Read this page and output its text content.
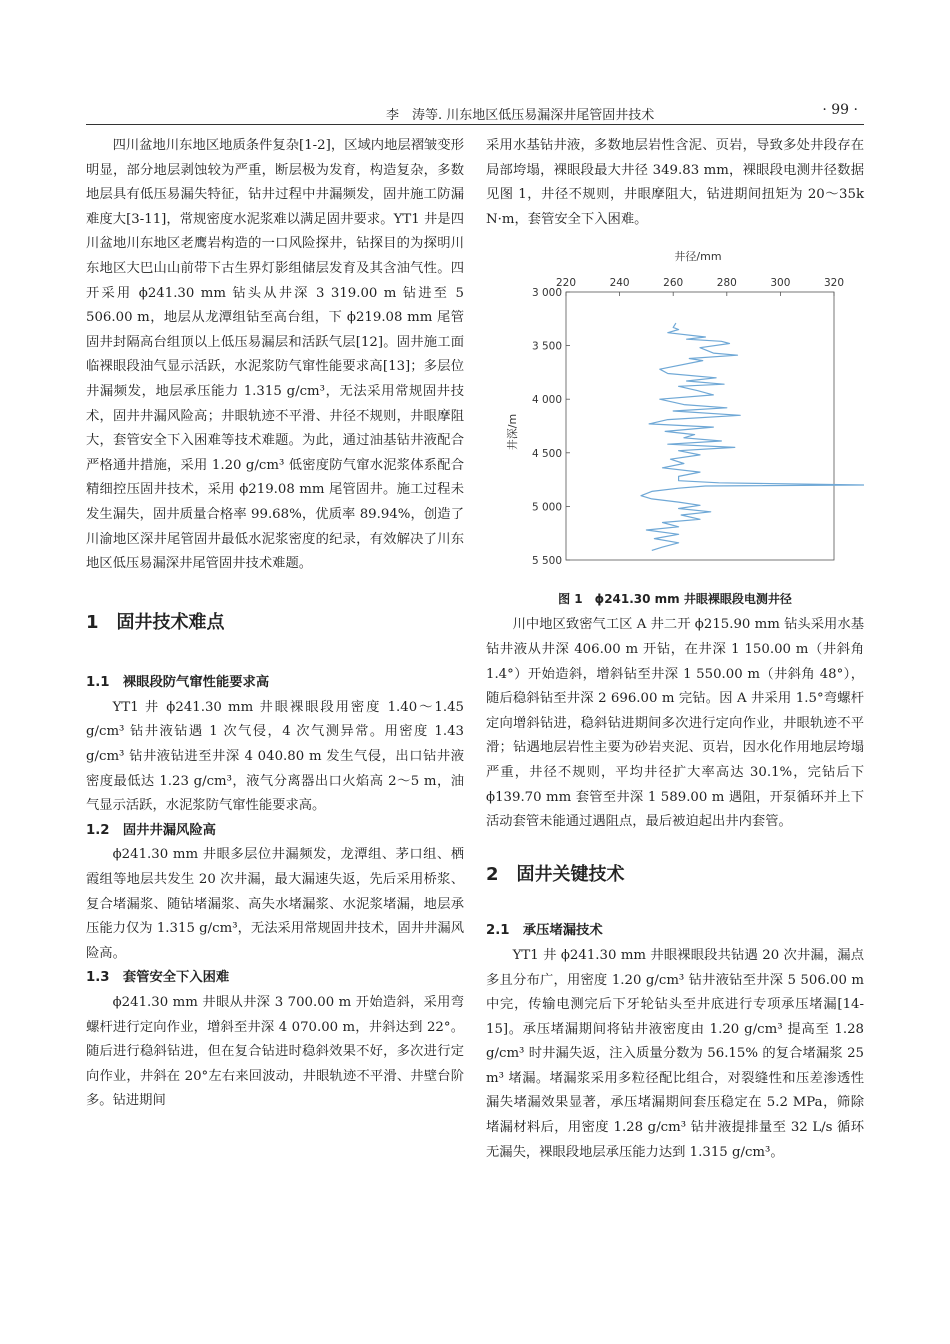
李　涛等. 川东地区低压易漏深井尾管固井技术	· 99 ·

四川盆地川东地区地质条件复杂[1-2]，区域内地层褶皱变形明显，部分地层剥蚀较为严重，断层极为发育，构造复杂，多数地层具有低压易漏失特征，钻井过程中井漏频发，固井施工防漏难度大[3-11]，常规密度水泥浆难以满足固井要求。YT1 井是四川盆地川东地区老鹰岩构造的一口风险探井，钻探目的为探明川东地区大巴山山前带下古生界灯影组储层发育及其含油气性。四开采用 ϕ241.30 mm 钻头从井深 3 319.00 m 钻进至 5 506.00 m，地层从龙潭组钻至高台组，下 ϕ219.08 mm 尾管固井封隔高台组顶以上低压易漏层和活跃气层[12]。固井施工面临裸眼段油气显示活跃，水泥浆防气窜性能要求高[13]；多层位井漏频发，地层承压能力 1.315 g/cm³，无法采用常规固井技术，固井井漏风险高；井眼轨迹不平滑、井径不规则，井眼摩阻大，套管安全下入困难等技术难题。为此，通过油基钻井液配合严格通井措施，采用 1.20 g/cm³ 低密度防气窜水泥浆体系配合精细控压固井技术，采用 ϕ219.08 mm 尾管固井。施工过程未发生漏失，固井质量合格率 99.68%，优质率 89.94%，创造了川渝地区深井尾管固井最低水泥浆密度的纪录，有效解决了川东地区低压易漏深井尾管固井技术难题。

1　固井技术难点
1.1　裸眼段防气窜性能要求高

YT1 井 ϕ241.30 mm 井眼裸眼段用密度 1.40～1.45 g/cm³ 钻井液钻遇 1 次气侵，4 次气测异常。用密度 1.43 g/cm³ 钻井液钻进至井深 4 040.80 m 发生气侵，出口钻井液密度最低达 1.23 g/cm³，液气分离器出口火焰高 2～5 m，油气显示活跃，水泥浆防气窜性能要求高。

1.2　固井井漏风险高

ϕ241.30 mm 井眼多层位井漏频发，龙潭组、茅口组、栖霞组等地层共发生 20 次井漏，最大漏速失返，先后采用桥浆、复合堵漏浆、随钻堵漏浆、高失水堵漏浆、水泥浆堵漏，地层承压能力仅为 1.315 g/cm³，无法采用常规固井技术，固井井漏风险高。

1.3　套管安全下入困难

ϕ241.30 mm 井眼从井深 3 700.00 m 开始造斜，采用弯螺杆进行定向作业，增斜至井深 4 070.00 m，井斜达到 22°。随后进行稳斜钻进，但在复合钻进时稳斜效果不好，多次进行定向作业，井斜在 20°左右来回波动，井眼轨迹不平滑、井壁台阶多。钻进期间

采用水基钻井液，多数地层岩性含泥、页岩，导致多处井段存在局部垮塌，裸眼段最大井径 349.83 mm，裸眼段电测井径数据见图 1，井径不规则，井眼摩阻大，钻进期间扭矩为 20～35k N·m，套管安全下入困难。

井径/mm
井深/m
220	240	260	280	300	320
3 000
3 500
4 000
4 500
5 000
5 500
图 1　ϕ241.30 mm 井眼裸眼段电测井径

川中地区致密气工区 A 井二开 ϕ215.90 mm 钻头采用水基钻井液从井深 406.00 m 开钻，在井深 1 150.00 m（井斜角 1.4°）开始造斜，增斜钻至井深 1 550.00 m（井斜角 48°），随后稳斜钻至井深 2 696.00 m 完钻。因 A 井采用 1.5°弯螺杆定向增斜钻进，稳斜钻进期间多次进行定向作业，井眼轨迹不平滑；钻遇地层岩性主要为砂岩夹泥、页岩，因水化作用地层垮塌严重，井径不规则，平均井径扩大率高达 30.1%，完钻后下 ϕ139.70 mm 套管至井深 1 589.00 m 遇阻，开泵循环并上下活动套管未能通过遇阻点，最后被迫起出井内套管。

2　固井关键技术
2.1　承压堵漏技术

YT1 井 ϕ241.30 mm 井眼裸眼段共钻遇 20 次井漏，漏点多且分布广，用密度 1.20 g/cm³ 钻井液钻至井深 5 506.00 m 中完，传输电测完后下牙轮钻头至井底进行专项承压堵漏[14-15]。承压堵漏期间将钻井液密度由 1.20 g/cm³ 提高至 1.28 g/cm³ 时井漏失返，注入质量分数为 56.15% 的复合堵漏浆 25 m³ 堵漏。堵漏浆采用多粒径配比组合，对裂缝性和压差渗透性漏失堵漏效果显著，承压堵漏期间套压稳定在 5.2 MPa，筛除堵漏材料后，用密度 1.28 g/cm³ 钻井液提排量至 32 L/s 循环无漏失，裸眼段地层承压能力达到 1.315 g/cm³。
